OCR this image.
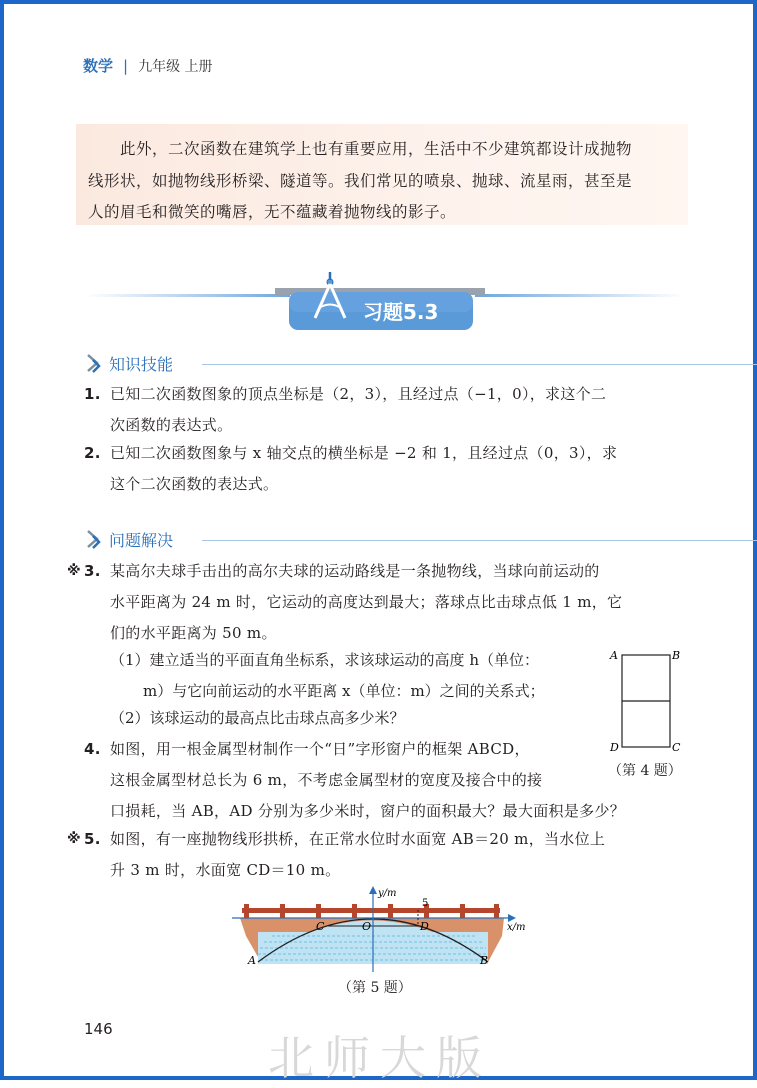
数学 | 九年级 上册

此外，二次函数在建筑学上也有重要应用，生活中不少建筑都设计成抛物

线形状，如抛物线形桥梁、隧道等。我们常见的喷泉、抛球、流星雨，甚至是
人的眉毛和微笑的嘴唇，无不蕴藏着抛物线的影子。
习题5.3
知识技能
1. 已知二次函数图象的顶点坐标是（2，3），且经过点（−1，0），求这个二
次函数的表达式。
2. 已知二次函数图象与 x 轴交点的横坐标是 −2 和 1，且经过点（0，3），求
这个二次函数的表达式。
问题解决
※ 3. 某高尔夫球手击出的高尔夫球的运动路线是一条抛物线，当球向前运动的
水平距离为 24 m 时，它运动的高度达到最大；落球点比击球点低 1 m，它
们的水平距离为 50 m。
（1）建立适当的平面直角坐标系，求该球运动的高度 h（单位：
m）与它向前运动的水平距离 x（单位：m）之间的关系式；
（2）该球运动的最高点比击球点高多少米？
4. 如图，用一根金属型材制作一个“日”字形窗户的框架 ABCD，
这根金属型材总长为 6 m，不考虑金属型材的宽度及接合中的接
口损耗，当 AB，AD 分别为多少米时，窗户的面积最大？最大面积是多少？
A	B
C
D
（第 4 题）
※ 5. 如图，有一座抛物线形拱桥，在正常水位时水面宽 AB＝20 m，当水位上
升 3 m 时，水面宽 CD＝10 m。
y/m
x/m
O
C	D
A	B
5
（第 5 题）
146
北师大版
